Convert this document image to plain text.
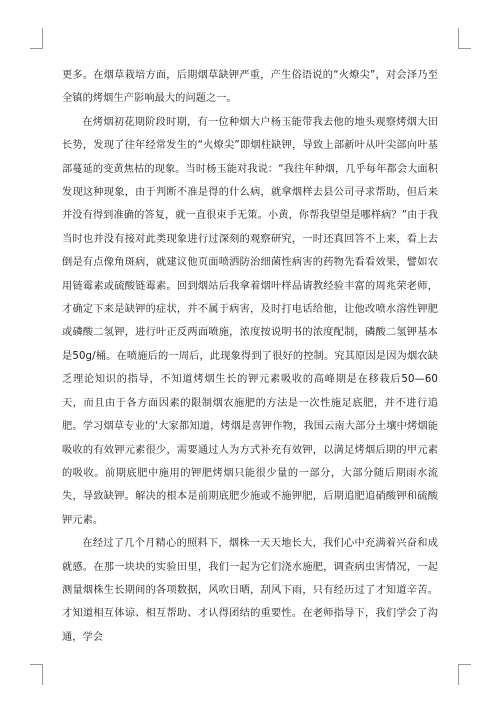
更多。在烟草栽培方面，后期烟草缺钾严重，产生俗语说的“火燎尖”，对会泽乃至全镇的烤烟生产影响最大的问题之一。

在烤烟初花期阶段时期，有一位种烟大户杨玉能带我去他的地头观察烤烟大田长势，发现了往年经常发生的“火燎尖”即烟柱缺钾，导致上部新叶从叶尖部向叶基部蔓延的变黄焦枯的现象。当时杨玉能对我说：“我往年种烟，几乎每年都会大面积发现这种现象，由于判断不准是得的什么病，就拿烟样去县公司寻求帮助，但后来并没有得到准确的答复，就一直很束手无策。小黄，你帮我望望是哪样病？”由于我当时也并没有接对此类现象进行过深刻的观察研究，一时还真回答不上来，看上去倒是有点像角斑病，就建议他页面喷洒防治细菌性病害的药物先看看效果，譬如农用链霉素或硫酸链霉素。回到烟站后我拿着烟叶样品请教经验丰富的周兆荣老师，才确定下来是缺钾的症状，并不属于病害，及时打电话给他，让他改喷水溶性钾肥或磷酸二氢钾，进行叶正反两面喷施，浓度按说明书的浓度配制，磷酸二氢钾基本是50g/桶。在喷施后的一周后，此现象得到了很好的控制。究其原因是因为烟农缺乏理论知识的指导，不知道烤烟生长的钾元素吸收的高峰期是在移栽后50—60天，而且由于各方面因素的限制烟农施肥的方法是一次性施足底肥，并不进行追肥。学习烟草专业的'大家都知道，烤烟是喜钾作物，我国云南大部分土壤中烤烟能吸收的有效钾元素很少，需要通过人为方式补充有效钾，以满足烤烟后期的甲元素的吸收。前期底肥中施用的钾肥烤烟只能很少量的一部分，大部分随后期雨水流失，导致缺钾。解决的根本是前期底肥少施或不施钾肥，后期追肥追硝酸钾和硫酸钾元素。

在经过了几个月精心的照料下，烟株一天天地长大，我们心中充满着兴奋和成就感。在那一块块的实验田里，我们一起为它们浇水施肥，调查病虫害情况，一起测量烟株生长期间的各项数据，风吹日晒，刮风下雨，只有经历过了才知道辛苦。才知道相互体谅、相互帮助、才认得团结的重要性。在老师指导下，我们学会了沟通，学会
